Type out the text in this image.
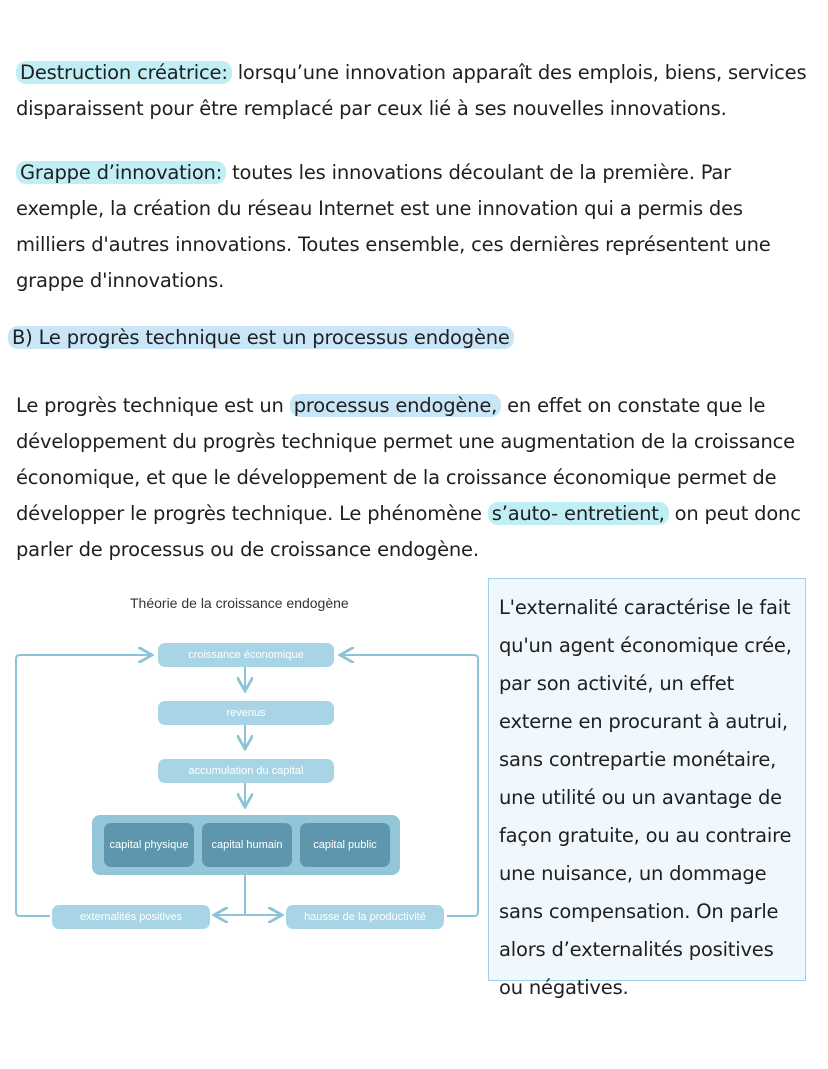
Destruction créatrice: lorsqu’une innovation apparaît des emplois, biens, services disparaissent pour être remplacé par ceux lié à ses nouvelles innovations.
Grappe d’innovation: toutes les innovations découlant de la première. Par exemple, la création du réseau Internet est une innovation qui a permis des milliers d'autres innovations. Toutes ensemble, ces dernières représentent une grappe d'innovations.
B) Le progrès technique est un processus endogène
Le progrès technique est un processus endogène, en effet on constate que le développement du progrès technique permet une augmentation de la croissance économique, et que le développement de la croissance économique permet de développer le progrès technique. Le phénomène s’auto- entretient, on peut donc parler de processus ou de croissance endogène.
Théorie de la croissance endogène
croissance économique
revenus
accumulation du capital
capital physique	capital humain	capital public
externalités positives	hausse de la productivité
L'externalité caractérise le fait qu'un agent économique crée, par son activité, un effet externe en procurant à autrui, sans contrepartie monétaire, une utilité ou un avantage de façon gratuite, ou au contraire une nuisance, un dommage sans compensation. On parle alors d’externalités positives ou négatives.
